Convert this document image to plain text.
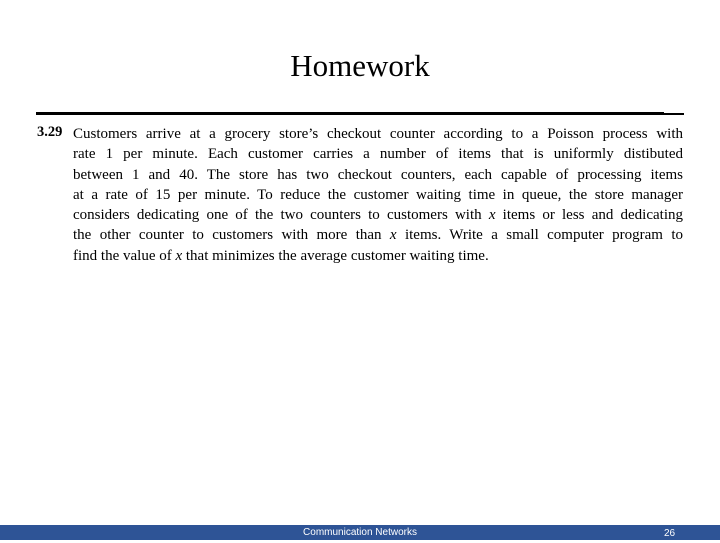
Homework
3.29 Customers arrive at a grocery store’s checkout counter according to a Poisson process with
rate 1 per minute. Each customer carries a number of items that is uniformly distibuted
between 1 and 40. The store has two checkout counters, each capable of processing items
at a rate of 15 per minute. To reduce the customer waiting time in queue, the store manager
considers dedicating one of the two counters to customers with x items or less and dedicating
the other counter to customers with more than x items. Write a small computer program to
find the value of x that minimizes the average customer waiting time.
Communication Networks	26
